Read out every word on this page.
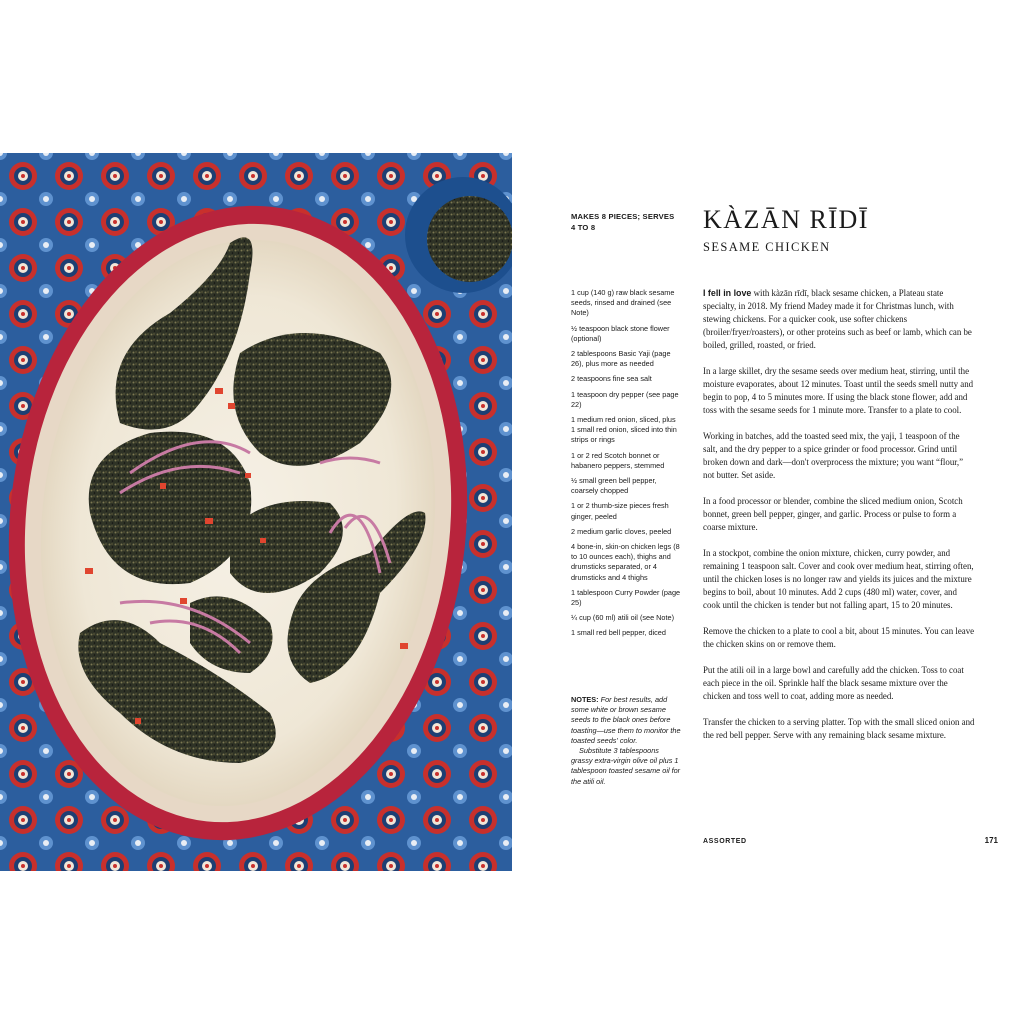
MAKES 8 PIECES; SERVES 4 TO 8	KÀZĀN RĪDĪ
SESAME CHICKEN
1 cup (140 g) raw black sesame seeds, rinsed and drained (see Note)
½ teaspoon black stone flower (optional)
2 tablespoons Basic Yaji (page 26), plus more as needed
2 teaspoons fine sea salt
1 teaspoon dry pepper (see page 22)
1 medium red onion, sliced, plus 1 small red onion, sliced into thin strips or rings
1 or 2 red Scotch bonnet or habanero peppers, stemmed
½ small green bell pepper, coarsely chopped
1 or 2 thumb-size pieces fresh ginger, peeled
2 medium garlic cloves, peeled
4 bone-in, skin-on chicken legs (8 to 10 ounces each), thighs and drumsticks separated, or 4 drumsticks and 4 thighs
1 tablespoon Curry Powder (page 25)
¼ cup (60 ml) atili oil (see Note)
1 small red bell pepper, diced

NOTES: For best results, add some white or brown sesame seeds to the black ones before toasting—use them to monitor the toasted seeds' color.

Substitute 3 tablespoons grassy extra-virgin olive oil plus 1 tablespoon toasted sesame oil for the atili oil.

I fell in love with kàzān rīdī, black sesame chicken, a Plateau state specialty, in 2018. My friend Madey made it for Christmas lunch, with stewing chickens. For a quicker cook, use softer chickens (broiler/fryer/roasters), or other proteins such as beef or lamb, which can be boiled, grilled, roasted, or fried.

In a large skillet, dry the sesame seeds over medium heat, stirring, until the moisture evaporates, about 12 minutes. Toast until the seeds smell nutty and begin to pop, 4 to 5 minutes more. If using the black stone flower, add and toss with the sesame seeds for 1 minute more. Transfer to a plate to cool.

Working in batches, add the toasted seed mix, the yaji, 1 teaspoon of the salt, and the dry pepper to a spice grinder or food processor. Grind until broken down and dark—don't overprocess the mixture; you want “flour,” not butter. Set aside.

In a food processor or blender, combine the sliced medium onion, Scotch bonnet, green bell pepper, ginger, and garlic. Process or pulse to form a coarse mixture.

In a stockpot, combine the onion mixture, chicken, curry powder, and remaining 1 teaspoon salt. Cover and cook over medium heat, stirring often, until the chicken loses is no longer raw and yields its juices and the mixture begins to boil, about 10 minutes. Add 2 cups (480 ml) water, cover, and cook until the chicken is tender but not falling apart, 15 to 20 minutes.

Remove the chicken to a plate to cool a bit, about 15 minutes. You can leave the chicken skins on or remove them.

Put the atili oil in a large bowl and carefully add the chicken. Toss to coat each piece in the oil. Sprinkle half the black sesame mixture over the chicken and toss well to coat, adding more as needed.

Transfer the chicken to a serving platter. Top with the small sliced onion and the red bell pepper. Serve with any remaining black sesame mixture.

ASSORTED	171
